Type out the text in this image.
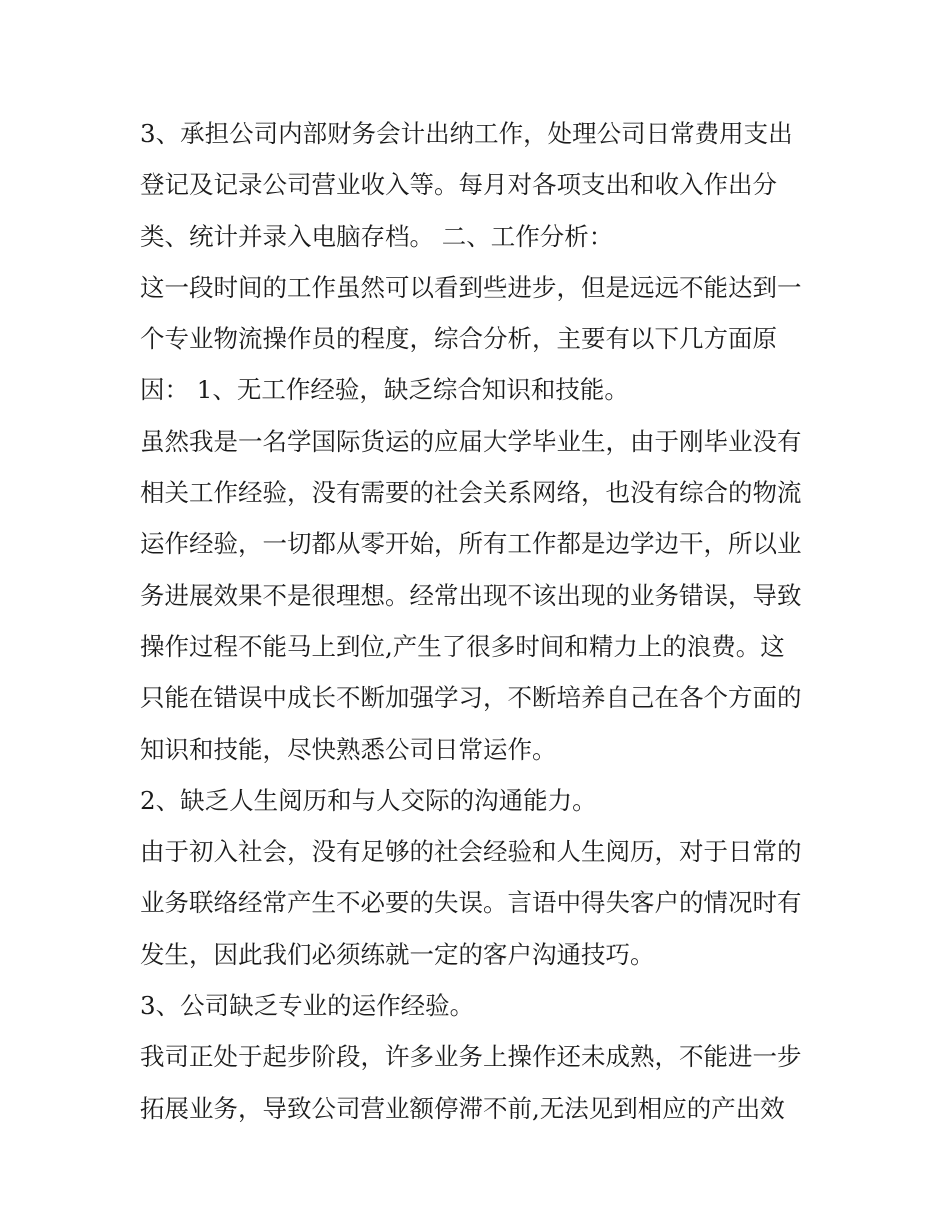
3、承担公司内部财务会计出纳工作，处理公司日常费用支出
登记及记录公司营业收入等。每月对各项支出和收入作出分
类、统计并录入电脑存档。 二、工作分析：
这一段时间的工作虽然可以看到些进步，但是远远不能达到一
个专业物流操作员的程度，综合分析，主要有以下几方面原
因： 1、无工作经验，缺乏综合知识和技能。
虽然我是一名学国际货运的应届大学毕业生，由于刚毕业没有
相关工作经验，没有需要的社会关系网络，也没有综合的物流
运作经验，一切都从零开始，所有工作都是边学边干，所以业
务进展效果不是很理想。经常出现不该出现的业务错误，导致
操作过程不能马上到位,产生了很多时间和精力上的浪费。这
只能在错误中成长不断加强学习，不断培养自己在各个方面的
知识和技能，尽快熟悉公司日常运作。
2、缺乏人生阅历和与人交际的沟通能力。
由于初入社会，没有足够的社会经验和人生阅历，对于日常的
业务联络经常产生不必要的失误。言语中得失客户的情况时有
发生，因此我们必须练就一定的客户沟通技巧。
3、公司缺乏专业的运作经验。
我司正处于起步阶段，许多业务上操作还未成熟，不能进一步
拓展业务，导致公司营业额停滞不前,无法见到相应的产出效
